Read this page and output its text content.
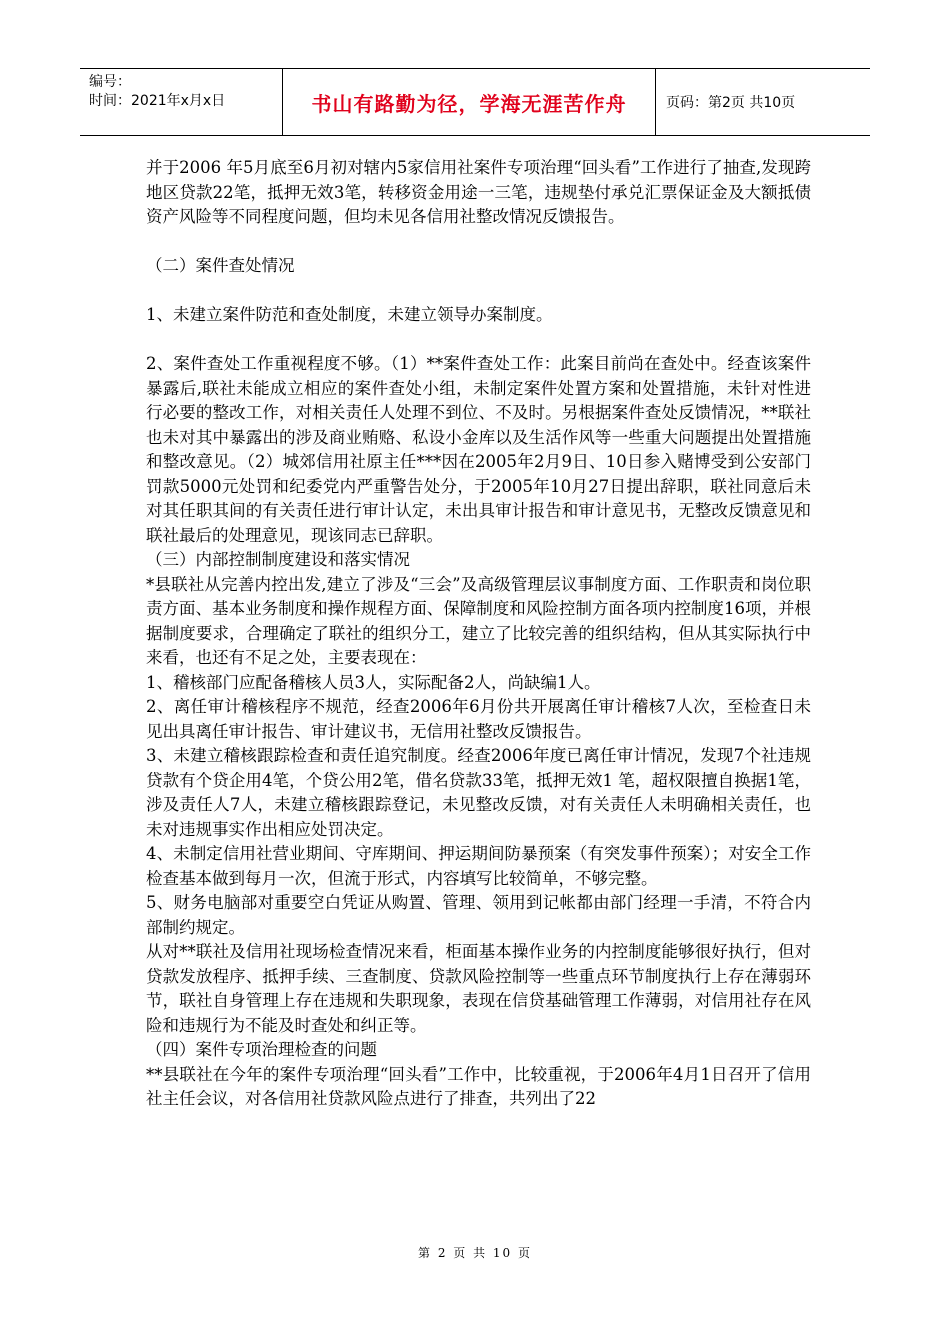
编号：
时间：2021年x月x日	书山有路勤为径，学海无涯苦作舟	页码：第2页 共10页

并于2006 年5月底至6月初对辖内5家信用社案件专项治理“回头看”工作进行了抽查,发现跨地区贷款22笔，抵押无效3笔，转移资金用途一三笔，违规垫付承兑汇票保证金及大额抵债资产风险等不同程度问题，但均未见各信用社整改情况反馈报告。

（二）案件查处情况

1、未建立案件防范和查处制度，未建立领导办案制度。

2、案件查处工作重视程度不够。（1）**案件查处工作：此案目前尚在查处中。经查该案件暴露后,联社未能成立相应的案件查处小组，未制定案件处置方案和处置措施，未针对性进行必要的整改工作，对相关责任人处理不到位、不及时。另根据案件查处反馈情况，**联社也未对其中暴露出的涉及商业贿赂、私设小金库以及生活作风等一些重大问题提出处置措施和整改意见。（2）城郊信用社原主任***因在2005年2月9日、10日参入赌博受到公安部门罚款5000元处罚和纪委党内严重警告处分，于2005年10月27日提出辞职，联社同意后未对其任职其间的有关责任进行审计认定，未出具审计报告和审计意见书，无整改反馈意见和联社最后的处理意见，现该同志已辞职。

（三）内部控制制度建设和落实情况

*县联社从完善内控出发,建立了涉及“三会”及高级管理层议事制度方面、工作职责和岗位职责方面、基本业务制度和操作规程方面、保障制度和风险控制方面各项内控制度16项，并根据制度要求，合理确定了联社的组织分工，建立了比较完善的组织结构，但从其实际执行中来看，也还有不足之处，主要表现在：

1、稽核部门应配备稽核人员3人，实际配备2人，尚缺编1人。

2、离任审计稽核程序不规范，经查2006年6月份共开展离任审计稽核7人次，至检查日未见出具离任审计报告、审计建议书，无信用社整改反馈报告。

3、未建立稽核跟踪检查和责任追究制度。经查2006年度已离任审计情况，发现7个社违规贷款有个贷企用4笔，个贷公用2笔，借名贷款33笔，抵押无效1 笔，超权限擅自换据1笔，涉及责任人7人，未建立稽核跟踪登记，未见整改反馈，对有关责任人未明确相关责任，也未对违规事实作出相应处罚决定。

4、未制定信用社营业期间、守库期间、押运期间防暴预案（有突发事件预案）；对安全工作检查基本做到每月一次，但流于形式，内容填写比较简单，不够完整。

5、财务电脑部对重要空白凭证从购置、管理、领用到记帐都由部门经理一手清，不符合内部制约规定。

从对**联社及信用社现场检查情况来看，柜面基本操作业务的内控制度能够很好执行，但对贷款发放程序、抵押手续、三查制度、贷款风险控制等一些重点环节制度执行上存在薄弱环节，联社自身管理上存在违规和失职现象，表现在信贷基础管理工作薄弱，对信用社存在风险和违规行为不能及时查处和纠正等。

（四）案件专项治理检查的问题

**县联社在今年的案件专项治理“回头看”工作中，比较重视，于2006年4月1日召开了信用社主任会议，对各信用社贷款风险点进行了排查，共列出了22

第 2 页 共 10 页
